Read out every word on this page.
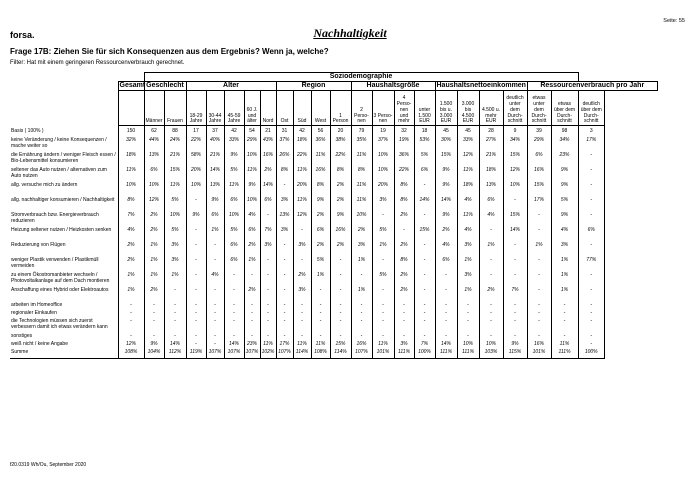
Seite: 55
forsa.	Nachhaltigkeit
Frage 17B: Ziehen Sie für sich Konsequenzen aus dem Ergebnis? Wenn ja, welche?
Filter: Hat mit einem geringeren Ressourcenverbrauch gerechnet.
		Soziodemographie																					
	Gesamt	Geschlecht		Alter					Region				Haushaltsgröße				Haushaltsnettoeinkommen				Ressourcenverbrauch pro Jahr		
		Männer	Frauen	18-29 Jahre	30-44 Jahre	45-59 Jahre	60 J. und älter	Nord	Ost	Süd	West	1 Person	2 Perso-nen	3 Perso-nen	4 Perso-nen und mehr	unter 1.500 EUR	1.500 bis u. 3.000 EUR	3.000 bis 4.500 EUR	4.500 u. mehr EUR	deutlich unter dem Durch-schnitt	etwas unter dem Durch-schnitt	etwas über dem Durch-schnitt	deutlich über dem Durch-schnitt
Basis ( 100% )	150	62	88	17	37	42	54	21	31	42	56	20	79	19	32	18	45	45	28	9	39	98	3
keine Veränderung / keine Konsequenzen / mache weiter so	32%	44%	24%	22%	40%	33%	29%	43%	37%	18%	36%	38%	35%	37%	19%	53%	30%	33%	27%	34%	29%	34%	17%
die Ernährung ändern / weniger Fleisch essen / Bio-Lebensmittel konsumieren	18%	13%	21%	58%	21%	9%	10%	16%	26%	22%	11%	22%	11%	10%	36%	5%	15%	12%	21%	15%	6%	23%	-
seltener das Auto nutzen / alternativen zum Auto nutzen	11%	6%	15%	20%	14%	5%	11%	2%	8%	11%	16%	8%	8%	10%	22%	6%	9%	11%	18%	12%	16%	9%	-
allg. versuche mich zu ändern	10%	10%	11%	10%	13%	11%	9%	14%	-	20%	8%	2%	11%	20%	8%	-	9%	18%	13%	10%	15%	9%	-
allg. nachhaltiger konsumieren / Nachhaltigkeit	8%	12%	5%	-	9%	6%	10%	6%	3%	11%	9%	2%	11%	3%	8%	14%	14%	4%	6%	-	17%	5%	-
Stromverbrauch bzw. Energieverbrauch reduzieren	7%	2%	10%	9%	6%	10%	4%	-	13%	12%	2%	9%	10%	-	2%	-	9%	11%	4%	15%	-	9%	-
Heizung seltener nutzen / Heizkosten senken	4%	2%	5%	-	1%	5%	6%	7%	3%	-	6%	16%	2%	5%	-	15%	2%	4%	-	14%	-	4%	6%
Reduzierung von Flügen	2%	1%	3%	-	-	6%	2%	3%	-	3%	2%	2%	3%	1%	2%	-	4%	3%	1%	-	1%	3%	-
weniger Plastik verwenden / Plastikmüll vermeiden	2%	1%	3%	-	-	6%	1%	-	-	-	5%	-	1%	-	8%	-	6%	1%	-	-	-	1%	77%
zu einem Ökostromanbieter wechseln / Photovoltaikanlage auf dem Dach montieren	1%	1%	1%	-	4%	-	-	-	-	2%	1%	-	-	5%	2%	-	-	3%	-	-	-	1%	-
Anschaffung eines Hybrid oder Elektroautos	1%	2%	-	-	-	-	2%	-	-	3%	-	-	1%	-	2%	-	-	1%	2%	7%	-	1%	-
arbeiten im Homeoffice	-	-	-	-	-	-	-	-	-	-	-	-	-	-	-	-	-	-	-	-	-	-	-
regionaler Einkaufen	-	-	-	-	-	-	-	-	-	-	-	-	-	-	-	-	-	-	-	-	-	-	-
die Technologien müssen sich zuerst verbessern damit ich etwas verändern kann	-	-	-	-	-	-	-	-	-	-	-	-	-	-	-	-	-	-	-	-	-	-	-
sonstiges	-	-	-	-	-	-	-	-	-	-	-	-	-	-	-	-	-	-	-	-	-	-	-
weiß nicht / keine Angabe	12%	9%	14%	-	-	14%	23%	11%	17%	11%	11%	15%	16%	11%	3%	7%	14%	10%	10%	9%	16%	11%	-
Summe	108%	104%	112%	119%	107%	107%	107%	102%	107%	114%	108%	114%	107%	101%	111%	100%	111%	111%	103%	115%	101%	111%	100%
f20.0319 Wh/Ou, September 2020
